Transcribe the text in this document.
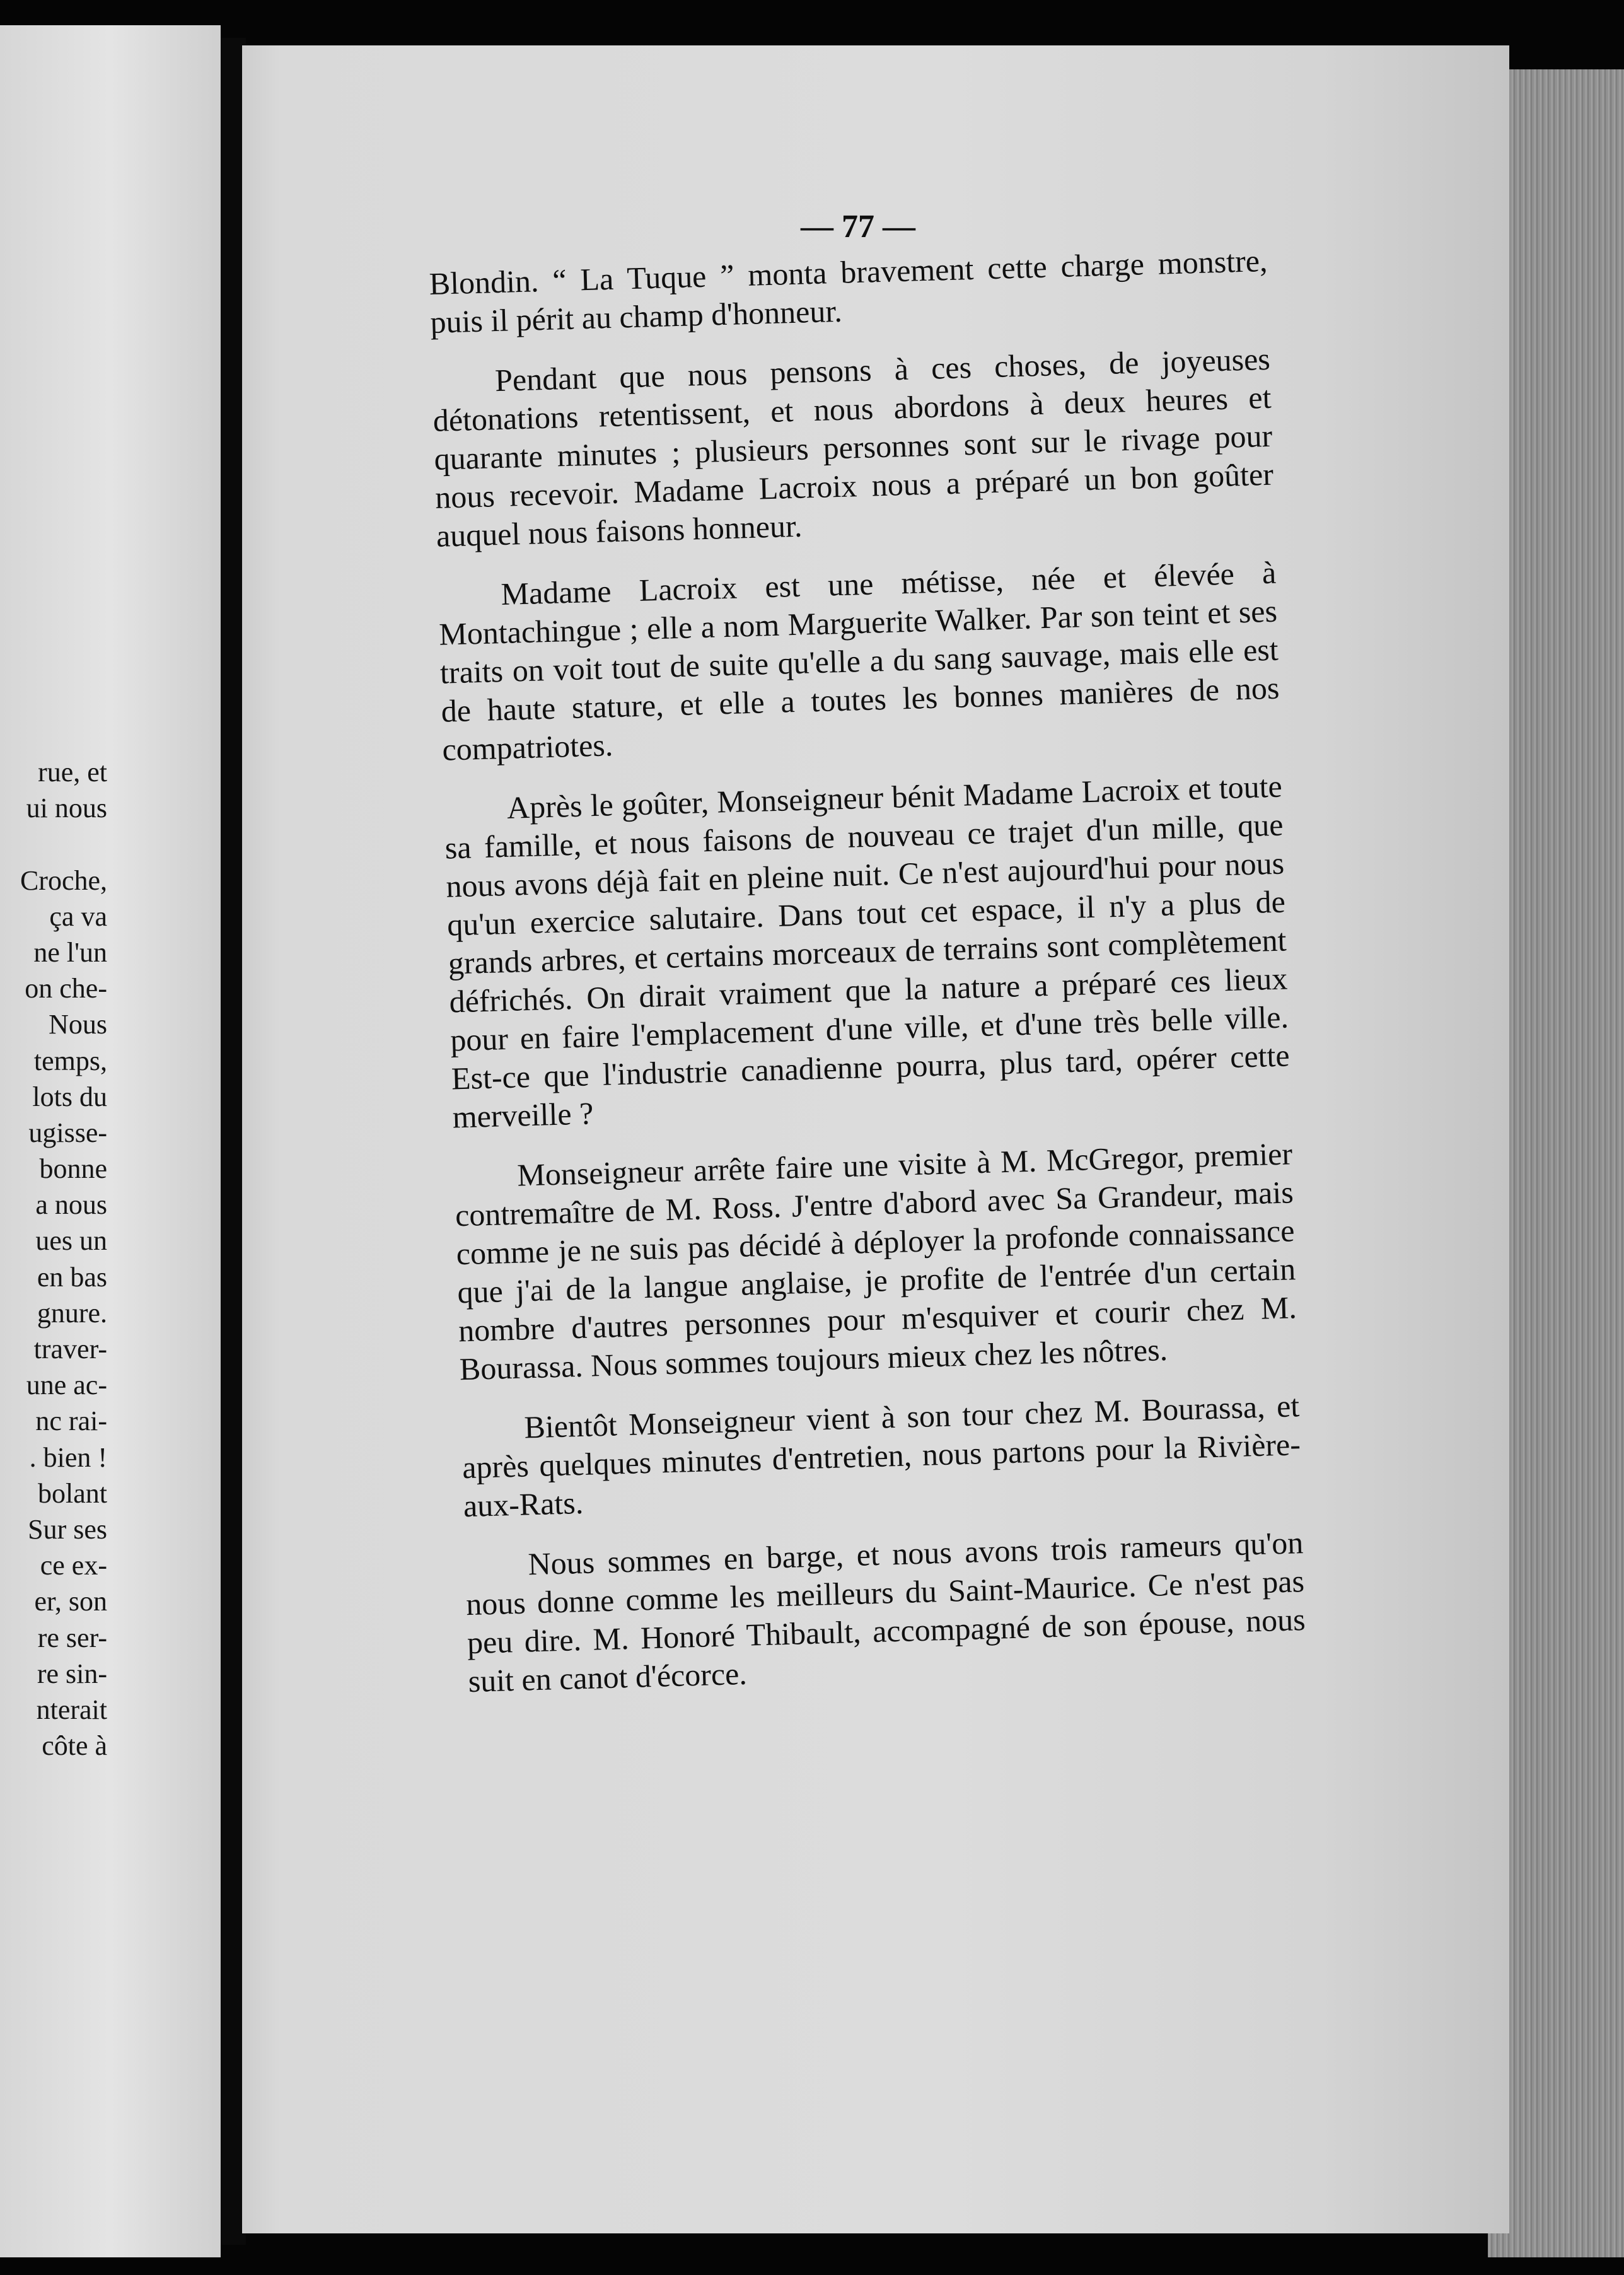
rue, et
ui nous
Croche,
ça va
ne l'un
on che-
Nous
temps,
lots du
ugisse-
bonne
a nous
ues un
en bas
gnure.
traver-
une ac-
nc rai-
. bien !
bolant
Sur ses
ce ex-
er, son
re ser-
re sin-
nterait
côte à
— 77 —

Blondin. “ La Tuque ” monta bravement cette charge monstre, puis il périt au champ d'honneur.

Pendant que nous pensons à ces choses, de joyeuses détonations retentissent, et nous abordons à deux heures et quarante minutes ; plusieurs personnes sont sur le rivage pour nous recevoir. Madame Lacroix nous a préparé un bon goûter auquel nous faisons honneur.

Madame Lacroix est une métisse, née et élevée à Montachingue ; elle a nom Marguerite Walker. Par son teint et ses traits on voit tout de suite qu'elle a du sang sauvage, mais elle est de haute stature, et elle a toutes les bonnes manières de nos compatriotes.

Après le goûter, Monseigneur bénit Madame Lacroix et toute sa famille, et nous faisons de nouveau ce trajet d'un mille, que nous avons déjà fait en pleine nuit. Ce n'est aujourd'hui pour nous qu'un exercice salutaire. Dans tout cet espace, il n'y a plus de grands arbres, et certains morceaux de terrains sont complètement défrichés. On dirait vraiment que la nature a préparé ces lieux pour en faire l'emplacement d'une ville, et d'une très belle ville. Est-ce que l'industrie canadienne pourra, plus tard, opérer cette merveille ?

Monseigneur arrête faire une visite à M. McGregor, premier contremaître de M. Ross. J'entre d'abord avec Sa Grandeur, mais comme je ne suis pas décidé à déployer la profonde connaissance que j'ai de la langue anglaise, je profite de l'entrée d'un certain nombre d'autres personnes pour m'esquiver et courir chez M. Bourassa. Nous sommes toujours mieux chez les nôtres.

Bientôt Monseigneur vient à son tour chez M. Bourassa, et après quelques minutes d'entretien, nous partons pour la Rivière-aux-Rats.

Nous sommes en barge, et nous avons trois rameurs qu'on nous donne comme les meilleurs du Saint-Maurice. Ce n'est pas peu dire. M. Honoré Thibault, accompagné de son épouse, nous suit en canot d'écorce.
